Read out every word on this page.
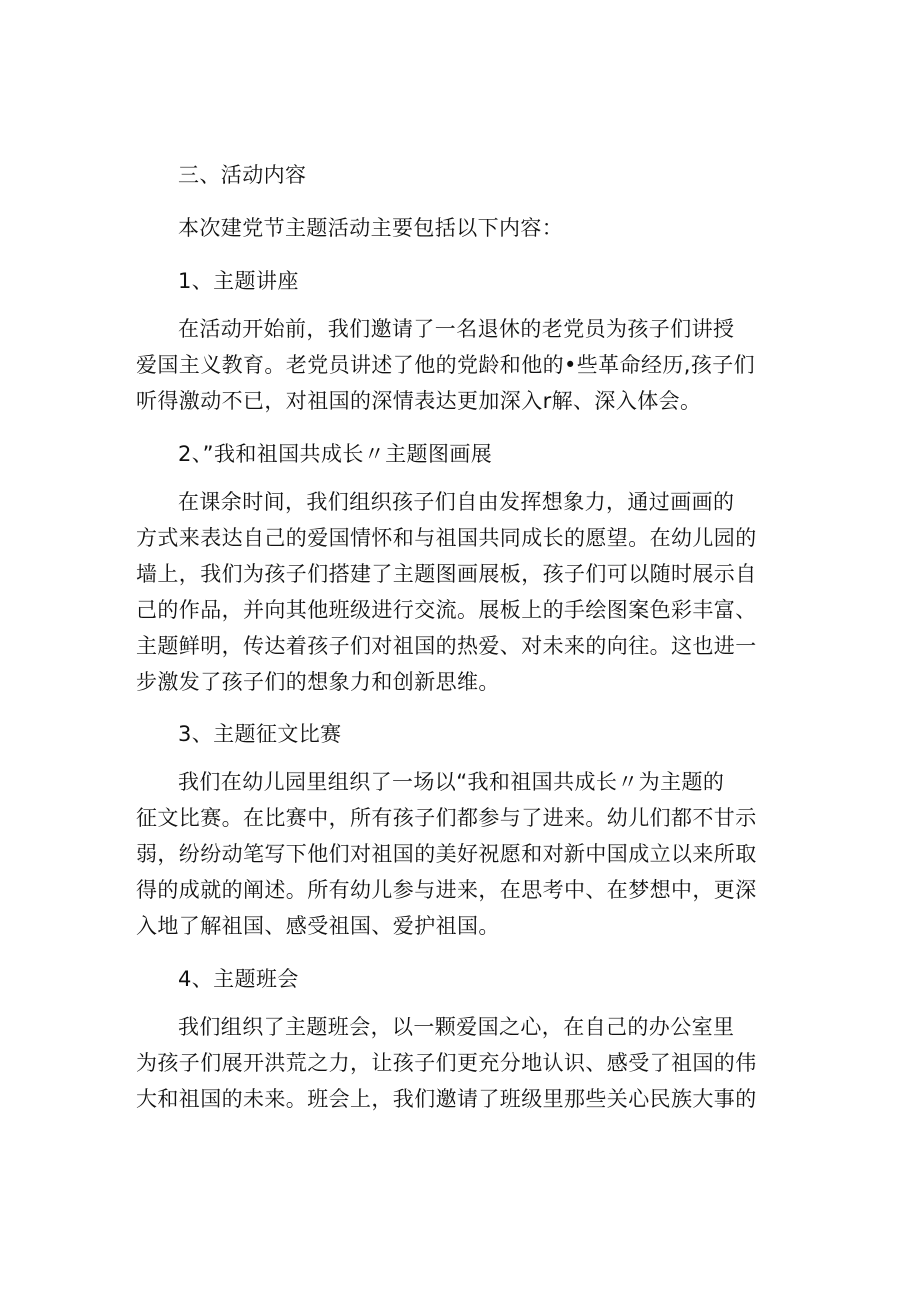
三、活动内容
本次建党节主题活动主要包括以下内容：
1、主题讲座
在活动开始前，我们邀请了一名退休的老党员为孩子们讲授
爱国主义教育。老党员讲述了他的党龄和他的•些革命经历,孩子们
听得激动不已，对祖国的深情表达更加深入r解、深入体会。
2、”我和祖国共成长〃主题图画展
在课余时间，我们组织孩子们自由发挥想象力，通过画画的
方式来表达自己的爱国情怀和与祖国共同成长的愿望。在幼儿园的
墙上，我们为孩子们搭建了主题图画展板，孩子们可以随时展示自
己的作品，并向其他班级进行交流。展板上的手绘图案色彩丰富、
主题鲜明，传达着孩子们对祖国的热爱、对未来的向往。这也进一
步激发了孩子们的想象力和创新思维。
3、主题征文比赛
我们在幼儿园里组织了一场以“我和祖国共成长〃为主题的
征文比赛。在比赛中，所有孩子们都参与了进来。幼儿们都不甘示
弱，纷纷动笔写下他们对祖国的美好祝愿和对新中国成立以来所取
得的成就的阐述。所有幼儿参与进来，在思考中、在梦想中，更深
入地了解祖国、感受祖国、爱护祖国。
4、主题班会
我们组织了主题班会，以一颗爱国之心，在自己的办公室里
为孩子们展开洪荒之力，让孩子们更充分地认识、感受了祖国的伟
大和祖国的未来。班会上，我们邀请了班级里那些关心民族大事的
